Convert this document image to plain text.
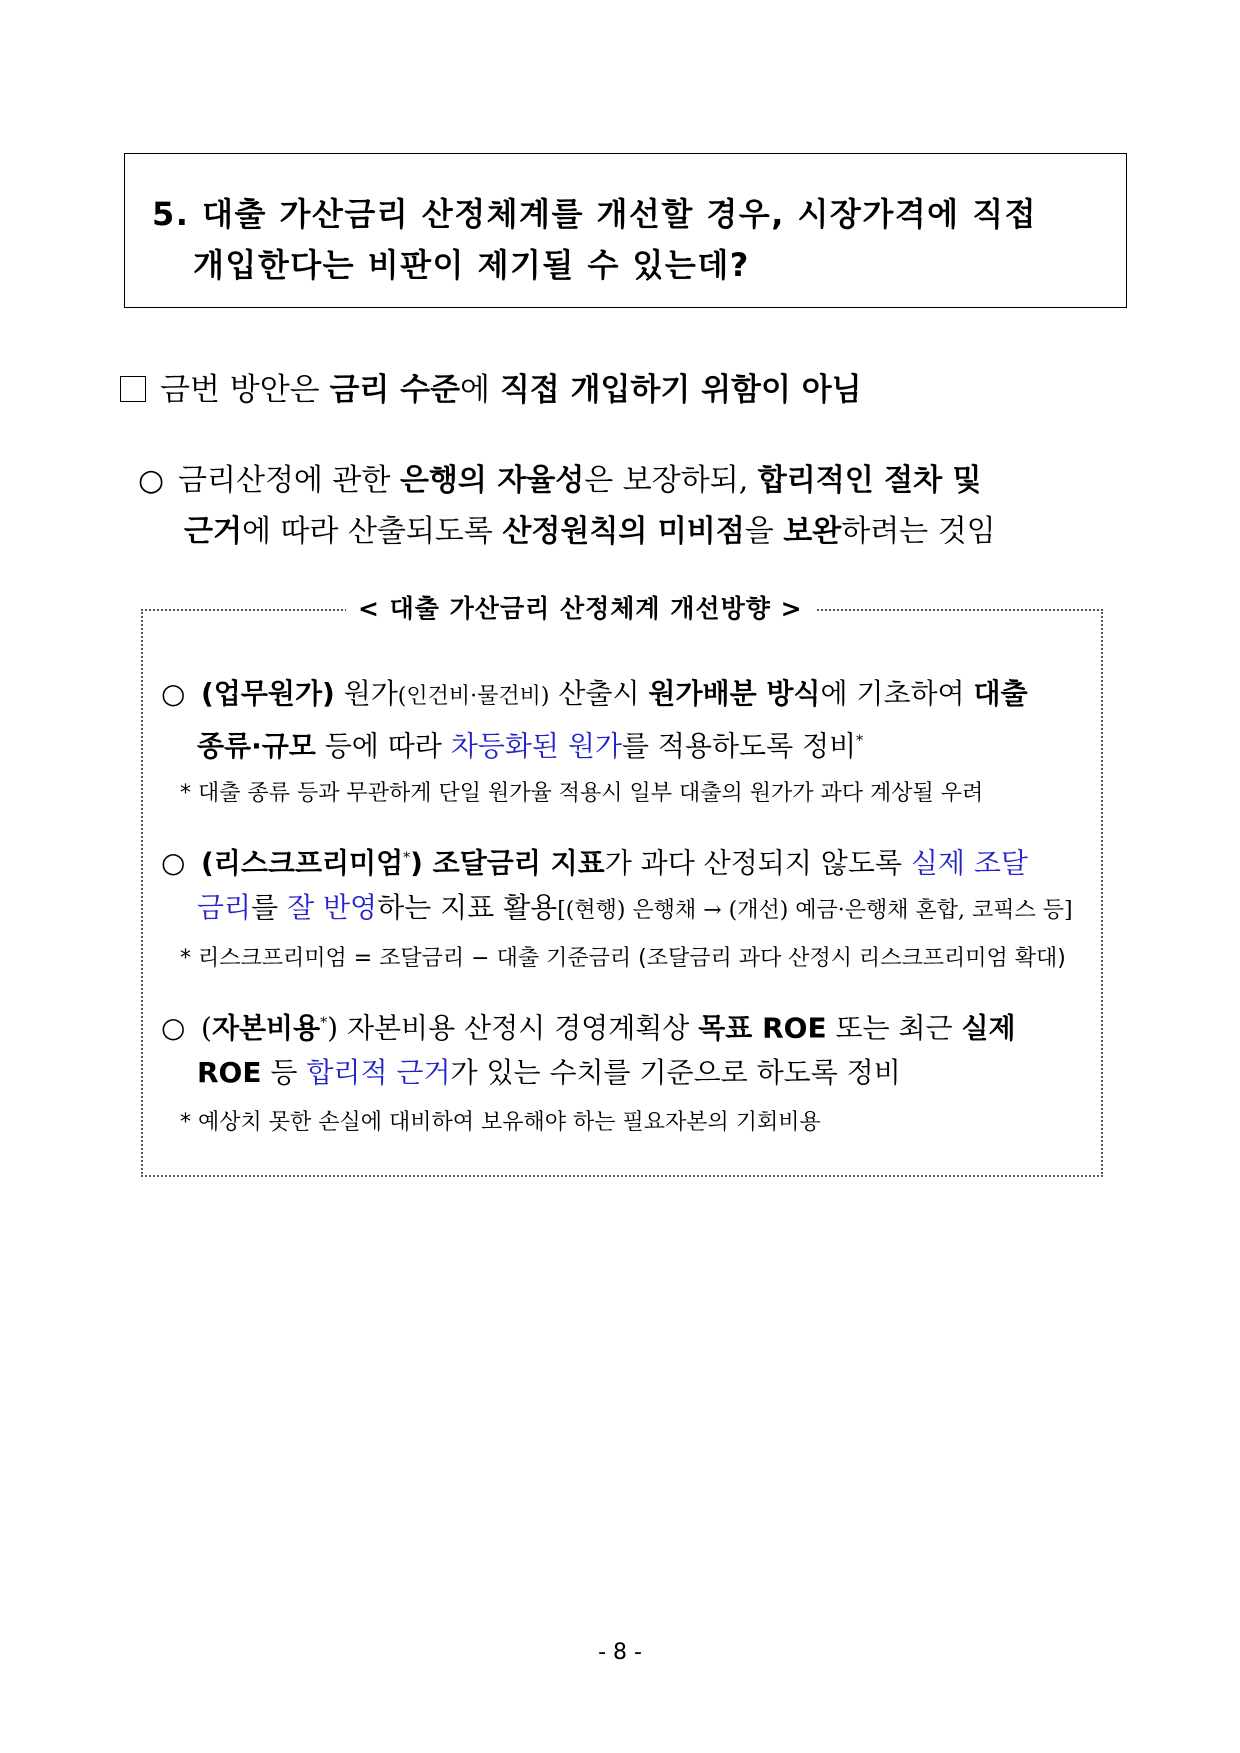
5. 대출 가산금리 산정체계를 개선할 경우, 시장가격에 직접
개입한다는 비판이 제기될 수 있는데?
금번 방안은 금리 수준에 직접 개입하기 위함이 아님
○ 금리산정에 관한 은행의 자율성은 보장하되, 합리적인 절차 및
근거에 따라 산출되도록 산정원칙의 미비점을 보완하려는 것임
< 대출 가산금리 산정체계 개선방향 >
○ (업무원가) 원가(인건비·물건비) 산출시 원가배분 방식에 기초하여 대출
종류·규모 등에 따라 차등화된 원가를 적용하도록 정비*
* 대출 종류 등과 무관하게 단일 원가율 적용시 일부 대출의 원가가 과다 계상될 우려
○ (리스크프리미엄*) 조달금리 지표가 과다 산정되지 않도록 실제 조달
금리를 잘 반영하는 지표 활용[(현행) 은행채 → (개선) 예금·은행채 혼합, 코픽스 등]
* 리스크프리미엄 = 조달금리 − 대출 기준금리 (조달금리 과다 산정시 리스크프리미엄 확대)
○ (자본비용*) 자본비용 산정시 경영계획상 목표 ROE 또는 최근 실제
ROE 등 합리적 근거가 있는 수치를 기준으로 하도록 정비
* 예상치 못한 손실에 대비하여 보유해야 하는 필요자본의 기회비용
- 8 -
